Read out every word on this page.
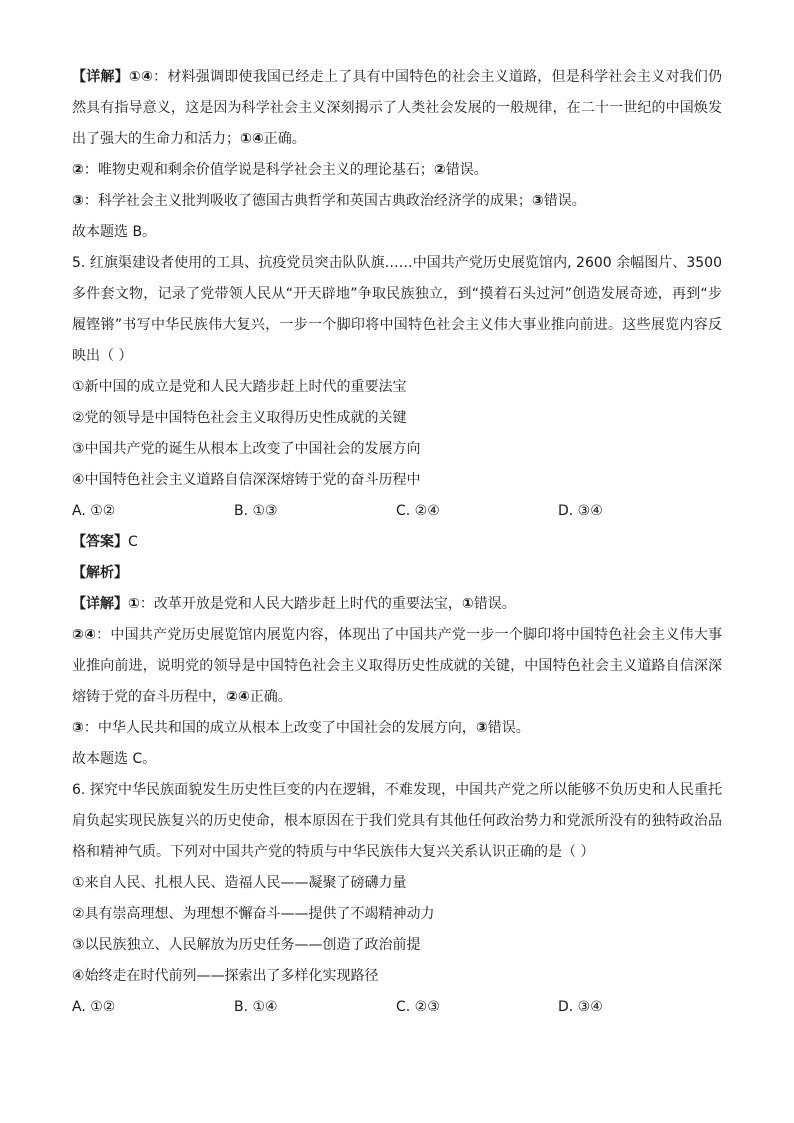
【详解】①④：材料强调即使我国已经走上了具有中国特色的社会主义道路，但是科学社会主义对我们仍然具有指导意义，这是因为科学社会主义深刻揭示了人类社会发展的一般规律，在二十一世纪的中国焕发出了强大的生命力和活力；①④正确。
②：唯物史观和剩余价值学说是科学社会主义的理论基石；②错误。
③：科学社会主义批判吸收了德国古典哲学和英国古典政治经济学的成果；③错误。
故本题选 B。
5. 红旗渠建设者使用的工具、抗疫党员突击队队旗……中国共产党历史展览馆内, 2600 余幅图片、3500 多件套文物，记录了党带领人民从“开天辟地”争取民族独立，到“摸着石头过河”创造发展奇迹，再到“步履铿锵”书写中华民族伟大复兴，一步一个脚印将中国特色社会主义伟大事业推向前进。这些展览内容反映出（ ）
①新中国的成立是党和人民大踏步赶上时代的重要法宝
②党的领导是中国特色社会主义取得历史性成就的关键
③中国共产党的诞生从根本上改变了中国社会的发展方向
④中国特色社会主义道路自信深深熔铸于党的奋斗历程中
A. ①②	B. ①③	C. ②④	D. ③④
【答案】C
【解析】
【详解】①：改革开放是党和人民大踏步赶上时代的重要法宝，①错误。
②④：中国共产党历史展览馆内展览内容，体现出了中国共产党一步一个脚印将中国特色社会主义伟大事业推向前进，说明党的领导是中国特色社会主义取得历史性成就的关键，中国特色社会主义道路自信深深熔铸于党的奋斗历程中，②④正确。
③：中华人民共和国的成立从根本上改变了中国社会的发展方向，③错误。
故本题选 C。
6. 探究中华民族面貌发生历史性巨变的内在逻辑，不难发现，中国共产党之所以能够不负历史和人民重托肩负起实现民族复兴的历史使命，根本原因在于我们党具有其他任何政治势力和党派所没有的独特政治品格和精神气质。下列对中国共产党的特质与中华民族伟大复兴关系认识正确的是（ ）
①来自人民、扎根人民、造福人民——凝聚了磅礴力量
②具有崇高理想、为理想不懈奋斗——提供了不竭精神动力
③以民族独立、人民解放为历史任务——创造了政治前提
④始终走在时代前列——探索出了多样化实现路径
A. ①②	B. ①④	C. ②③	D. ③④
